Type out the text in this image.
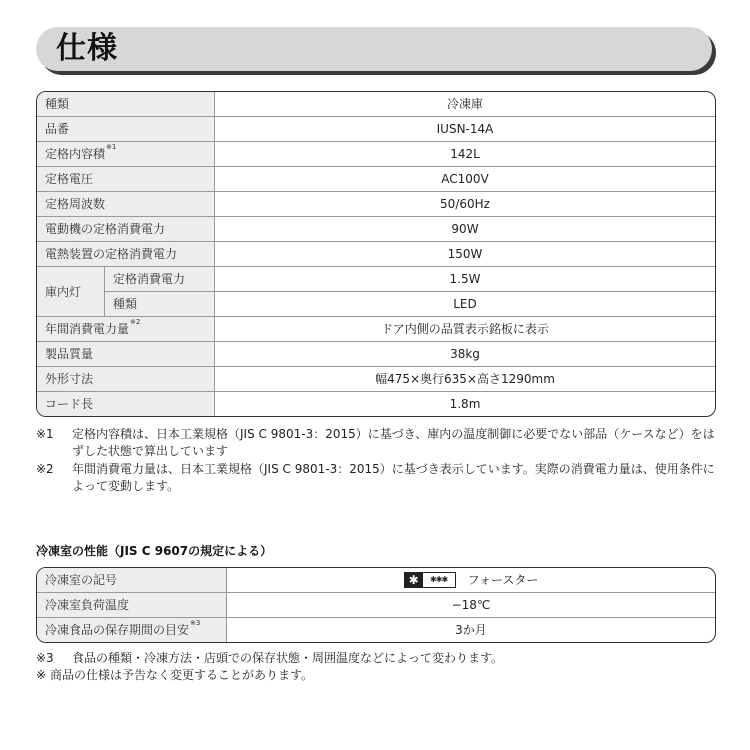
仕様
種類		冷凍庫
品番		IUSN-14A
定格内容積$^{※1}$		142L
定格電圧		AC100V
定格周波数		50/60Hz
電動機の定格消費電力		90W
電熱装置の定格消費電力		150W
庫内灯	定格消費電力	1.5W
	種類	LED
年間消費電力量$^{※2}$		ドア内側の品質表示銘板に表示
製品質量		38kg
外形寸法		幅475×奥行635×高さ1290mm
コード長		1.8m
※1	定格内容積は、日本工業規格（JIS C 9801-3：2015）に基づき、庫内の温度制御に必要でない部品（ケースなど）をはずした状態で算出しています
※2	年間消費電力量は、日本工業規格（JIS C 9801-3：2015）に基づき表示しています。実際の消費電力量は、使用条件によって変動します。
冷凍室の性能（JIS C 9607の規定による）
冷凍室の記号	✱ ✱✱✱ フォースター
冷凍室負荷温度	−18℃
冷凍食品の保存期間の目安$^{※3}$	3か月
※3	食品の種類・冷凍方法・店頭での保存状態・周囲温度などによって変わります。
※ 商品の仕様は予告なく変更することがあります。
